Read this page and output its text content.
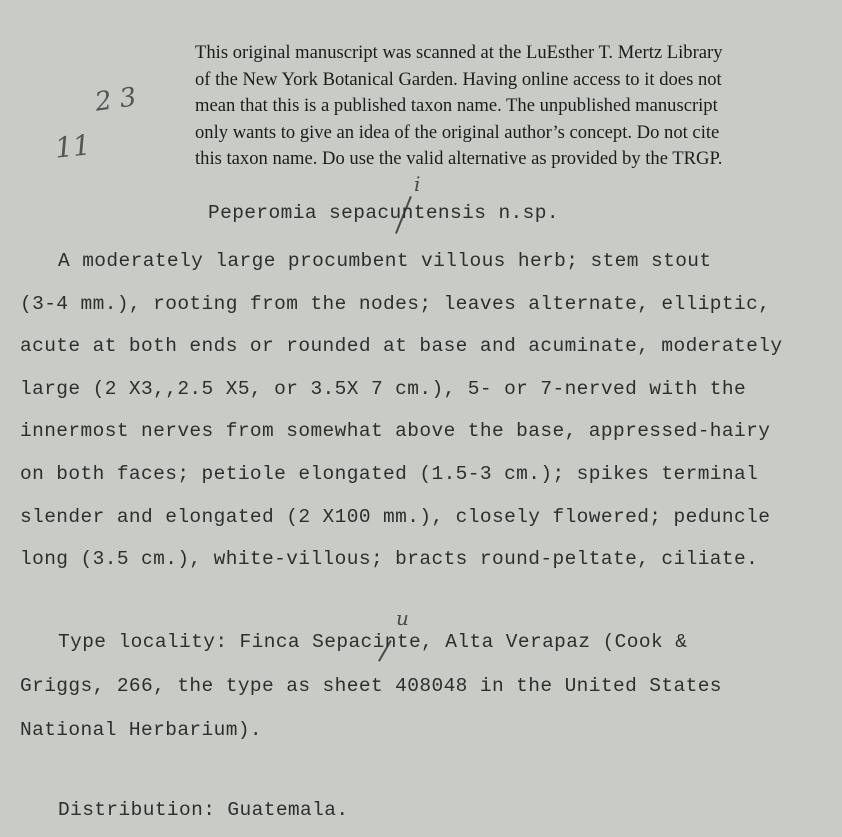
This original manuscript was scanned at the LuEsther T. Mertz Library
of the New York Botanical Garden. Having online access to it does not
mean that this is a published taxon name. The unpublished manuscript
only wants to give an idea of the original author’s concept. Do not cite
this taxon name. Do use the valid alternative as provided by the TRGP.
2 3
11
i
Peperomia sepacuntensis n.sp.
A moderately large procumbent villous herb; stem stout
(3-4 mm.), rooting from the nodes; leaves alternate, elliptic,
acute at both ends or rounded at base and acuminate, moderately
large (2 X3,,2.5 X5, or 3.5X 7 cm.), 5- or 7-nerved with the
innermost nerves from somewhat above the base, appressed-hairy
on both faces; petiole elongated (1.5-3 cm.); spikes terminal
slender and elongated (2 X100 mm.), closely flowered; peduncle
long (3.5 cm.), white-villous; bracts round-peltate, ciliate.
u
Type locality: Finca Sepacinte, Alta Verapaz (Cook &
Griggs, 266, the type as sheet 408048 in the United States
National Herbarium).
Distribution: Guatemala.
